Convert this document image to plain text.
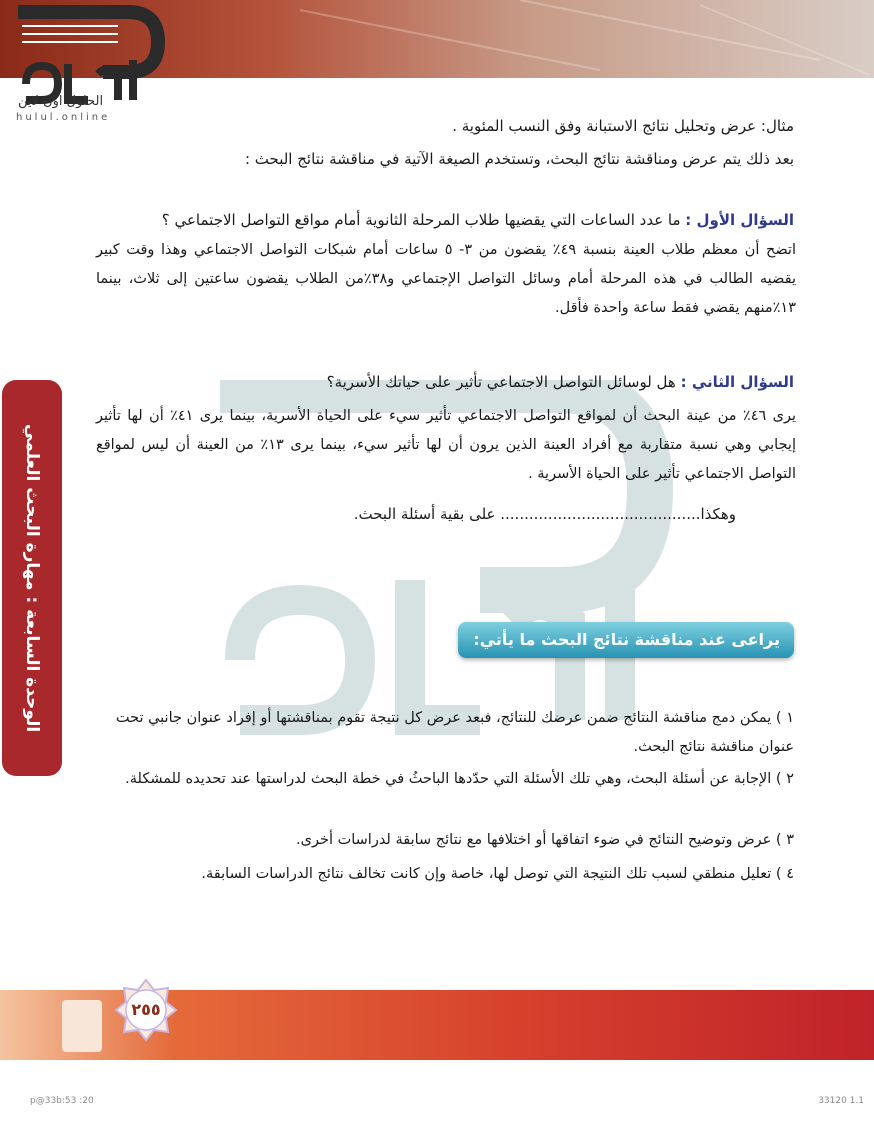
الحلول اون لاين
hulul.online	مثال: عرض وتحليل نتائج الاستبانة وفق النسب المئوية .
بعد ذلك يتم عرض ومناقشة نتائج البحث، وتستخدم الصيغة الآتية في مناقشة نتائج البحث :
السؤال الأول : ما عدد الساعات التي يقضيها طلاب المرحلة الثانوية أمام مواقع التواصل الاجتماعي ؟
اتضح أن معظم طلاب العينة بنسبة ٤٩٪ يقضون من ٣- ٥ ساعات أمام شبكات التواصل الاجتماعي وهذا وقت كبير يقضيه الطالب في هذه المرحلة أمام وسائل التواصل الإجتماعي و٣٨٪من الطلاب يقضون ساعتين إلى ثلاث، بينما ١٣٪منهم يقضي فقط ساعة واحدة فأقل.
الوحدة السابعة : مهارة البحث العلمي
السؤال الثاني : هل لوسائل التواصل الاجتماعي تأثير على حياتك الأسرية؟
يرى ٤٦٪ من عينة البحث أن لمواقع التواصل الاجتماعي تأثير سيء على الحياة الأسرية، بينما يرى ٤١٪ أن لها تأثير إيجابي وهي نسبة متقاربة مع أفراد العينة الذين يرون أن لها تأثير سيء، بينما يرى ١٣٪ من العينة أن ليس لمواقع التواصل الاجتماعي تأثير على الحياة الأسرية .
وهكذا.......................................... على بقية أسئلة البحث.
يراعى عند مناقشة نتائج البحث ما يأتي:
١ ) يمكن دمج مناقشة النتائج ضمن عرضك للنتائج، فبعد عرض كل نتيجة تقوم بمناقشتها أو إفراد عنوان جانبي تحت عنوان مناقشة نتائج البحث.
٢ ) الإجابة عن أسئلة البحث، وهي تلك الأسئلة التي حدّدها الباحثُ في خطة البحث لدراستها عند تحديده للمشكلة.
٣ ) عرض وتوضيح النتائج في ضوء اتفاقها أو اختلافها مع نتائج سابقة لدراسات أخرى.
٤ ) تعليل منطقي لسبب تلك النتيجة التي توصل لها، خاصة وإن كانت تخالف نتائج الدراسات السابقة.
٢٥٥
p@33b:53 :20	33120 1.1
